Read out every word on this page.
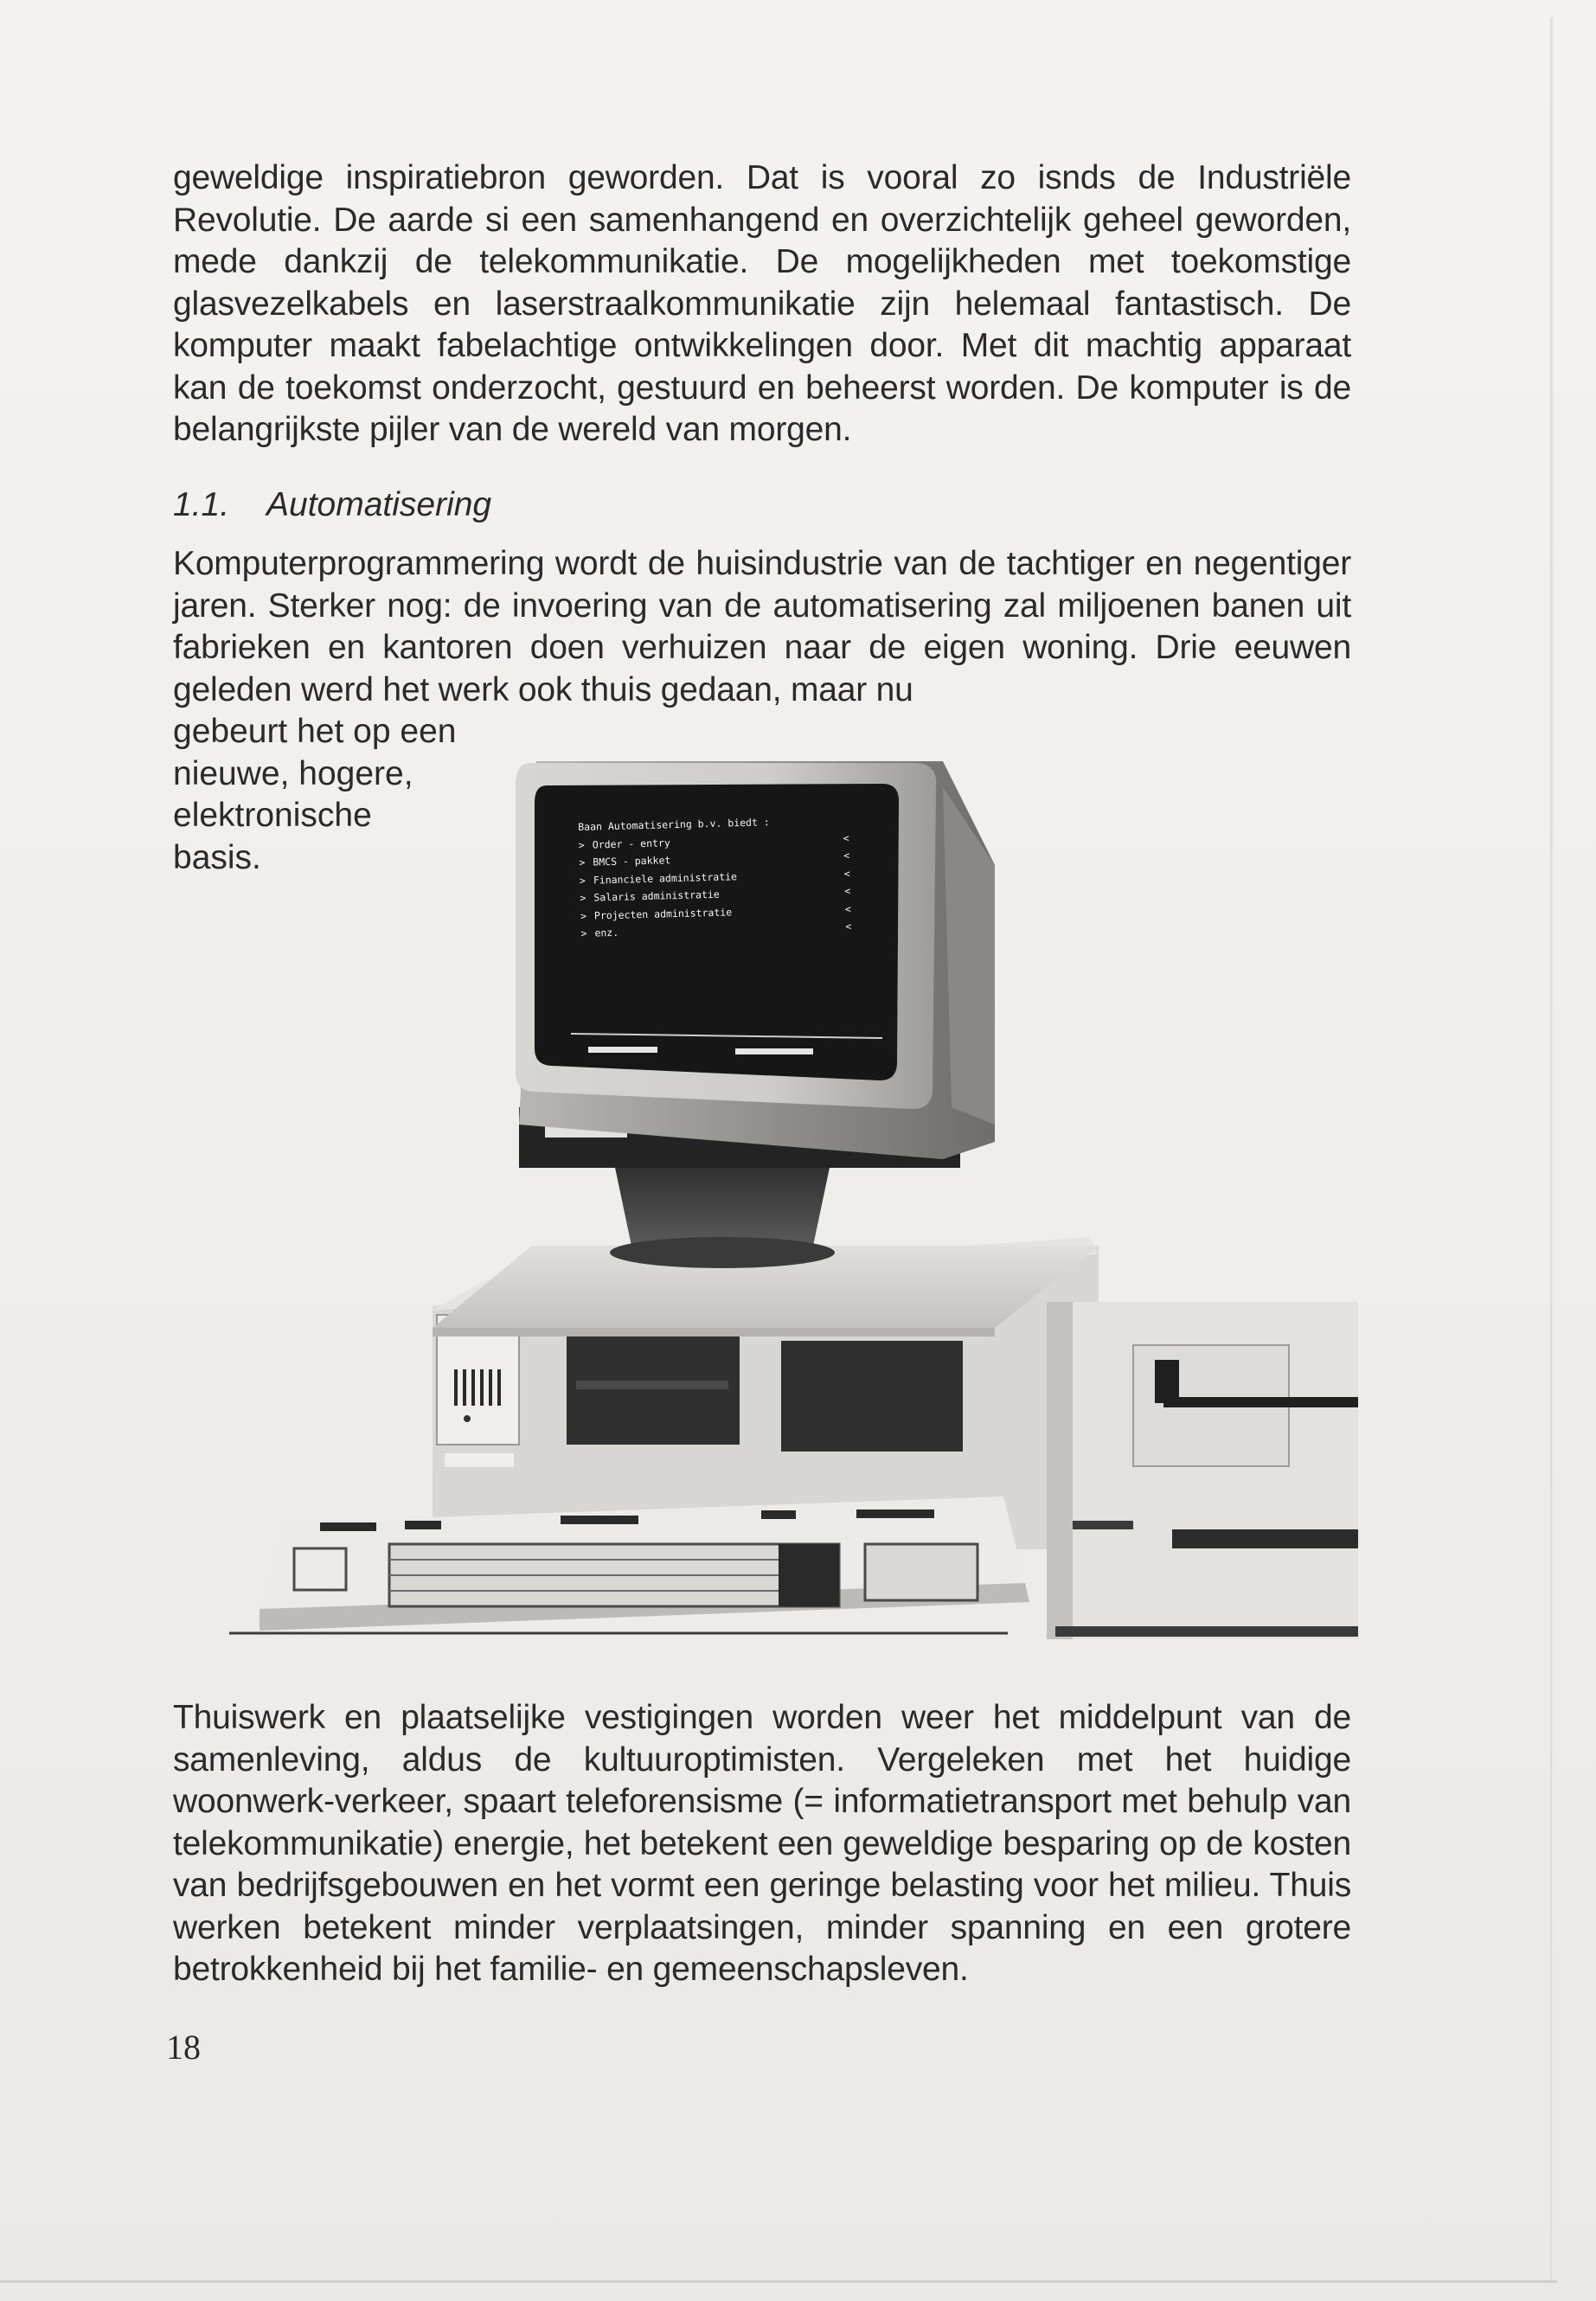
geweldige inspiratiebron geworden. Dat is vooral zo isnds de Industriële Revolutie. De aarde si een samenhangend en overzichtelijk geheel geworden, mede dankzij de telekommunikatie. De mogelijkheden met toekomstige glasvezelkabels en laserstraalkommunikatie zijn helemaal fantastisch. De komputer maakt fabelachtige ontwikkelingen door. Met dit machtig apparaat kan de toekomst onderzocht, gestuurd en beheerst worden. De komputer is de belangrijkste pijler van de wereld van morgen.

1.1. Automatisering

Komputerprogrammering wordt de huisindustrie van de tachtiger en negentiger jaren. Sterker nog: de invoering van de automatisering zal miljoenen banen uit fabrieken en kantoren doen verhuizen naar de eigen woning. Drie eeuwen geleden werd het werk ook thuis gedaan, maar nu

gebeurt het op een
nieuwe, hogere,
elektronische
basis.
Baan Automatisering b.v. biedt :
> Order - entry	<
> BMCS - pakket	<
> Financiele administratie	<
> Salaris administratie	<
> Projecten administratie	<
> enz.	<

Thuiswerk en plaatselijke vestigingen worden weer het middelpunt van de samenleving, aldus de kultuuroptimisten. Vergeleken met het huidige woonwerk-verkeer, spaart teleforensisme (= informatietransport met behulp van telekommunikatie) energie, het betekent een geweldige besparing op de kosten van bedrijfsgebouwen en het vormt een geringe belasting voor het milieu. Thuis werken betekent minder verplaatsingen, minder spanning en een grotere betrokkenheid bij het familie- en gemeenschapsleven.

18
